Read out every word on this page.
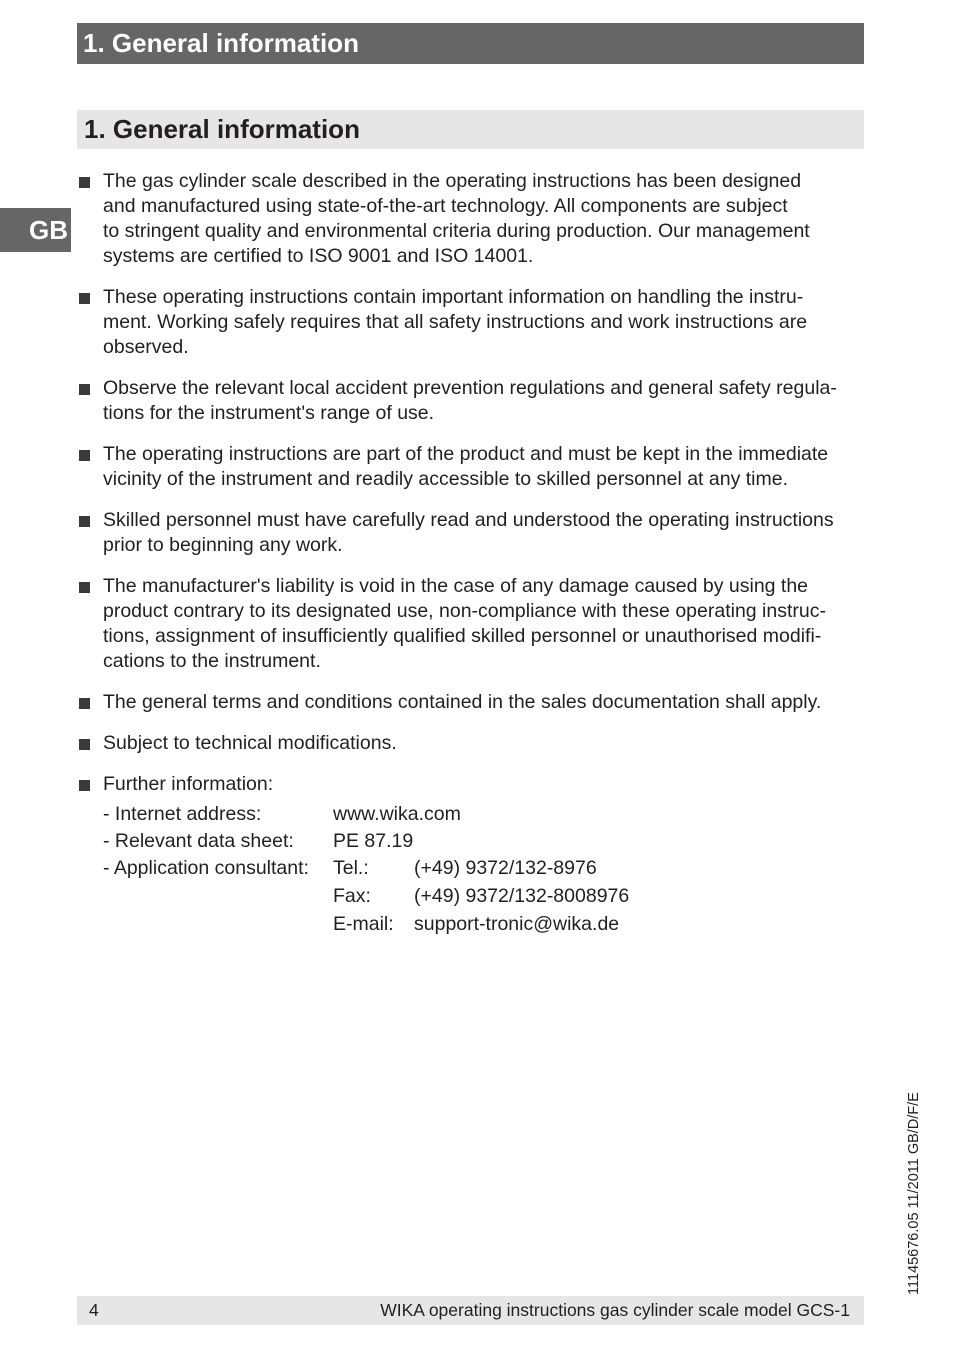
1. General information
GB
1. General information
The gas cylinder scale described in the operating instructions has been designed
and manufactured using state-of-the-art technology. All components are subject
to stringent quality and environmental criteria during production. Our management
systems are certified to ISO 9001 and ISO 14001.
These operating instructions contain important information on handling the instru-
ment. Working safely requires that all safety instructions and work instructions are
observed.
Observe the relevant local accident prevention regulations and general safety regula-
tions for the instrument's range of use.
The operating instructions are part of the product and must be kept in the immediate
vicinity of the instrument and readily accessible to skilled personnel at any time.
Skilled personnel must have carefully read and understood the operating instructions
prior to beginning any work.
The manufacturer's liability is void in the case of any damage caused by using the
product contrary to its designated use, non-compliance with these operating instruc-
tions, assignment of insufficiently qualified skilled personnel or unauthorised modifi-
cations to the instrument.
The general terms and conditions contained in the sales documentation shall apply.
Subject to technical modifications.
Further information:
- Internet address:	www.wika.com	
- Relevant data sheet:	PE 87.19	
- Application consultant:	Tel.:	(+49) 9372/132-8976
	Fax:	(+49) 9372/132-8008976
	E-mail:	support-tronic@wika.de
11145676.05 11/2011 GB/D/F/E
4	WIKA operating instructions gas cylinder scale model GCS-1
